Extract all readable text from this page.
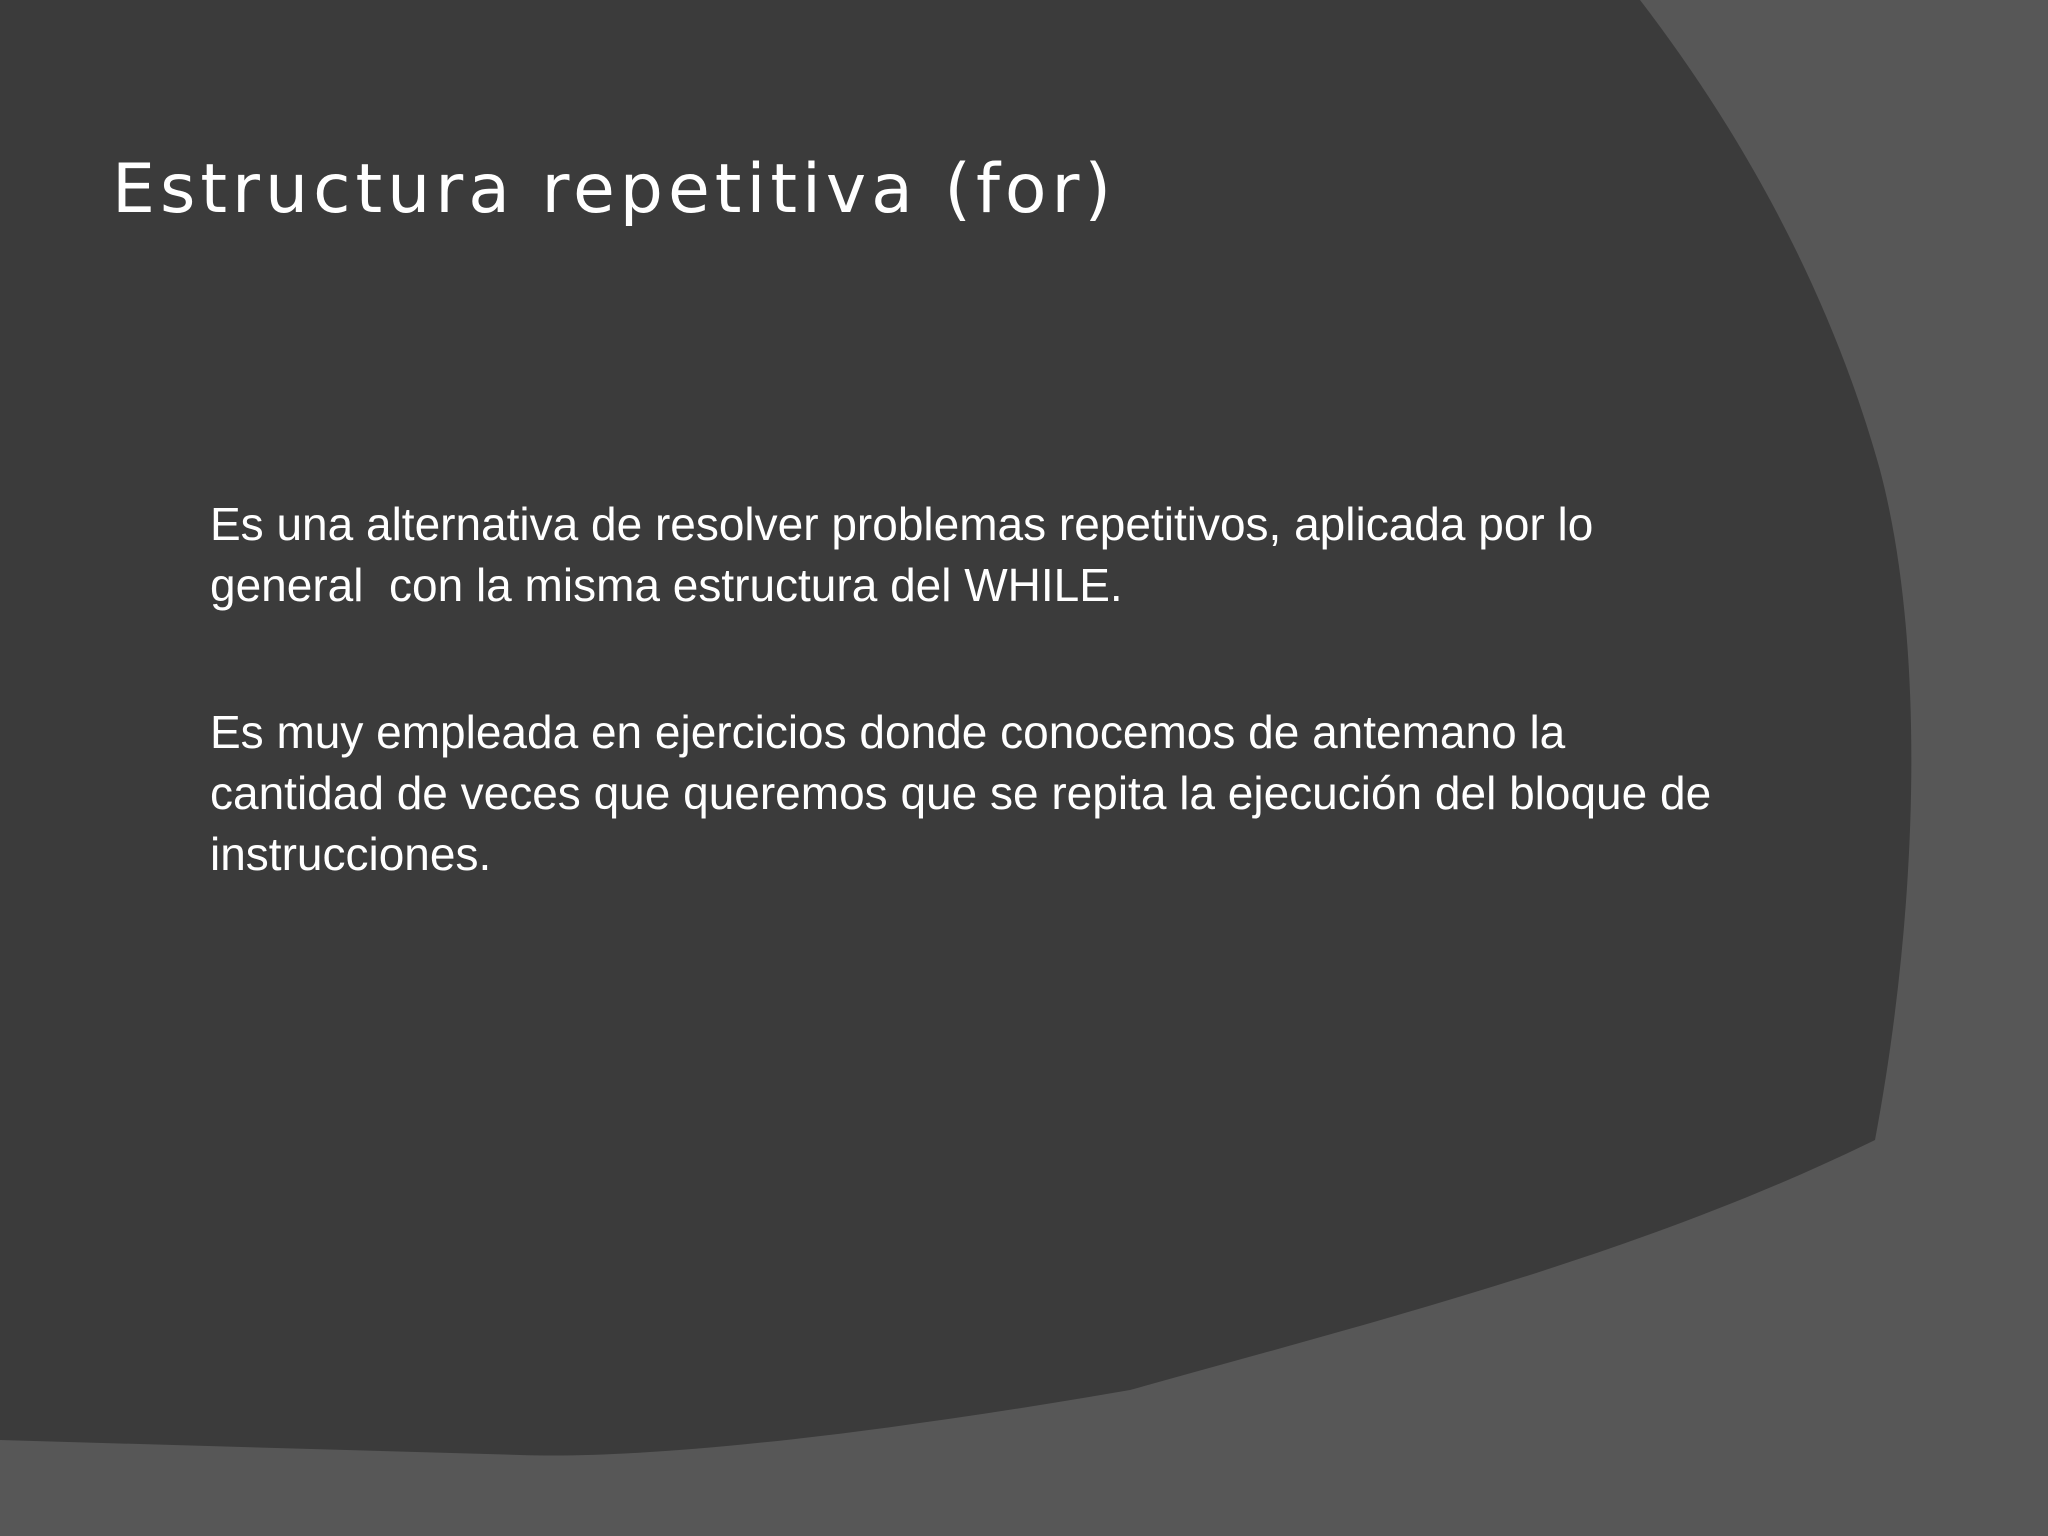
Estructura repetitiva (for)

Es una alternativa de resolver problemas repetitivos, aplicada por lo
general  con la misma estructura del WHILE.

Es muy empleada en ejercicios donde conocemos de antemano la
cantidad de veces que queremos que se repita la ejecución del bloque de
instrucciones.
